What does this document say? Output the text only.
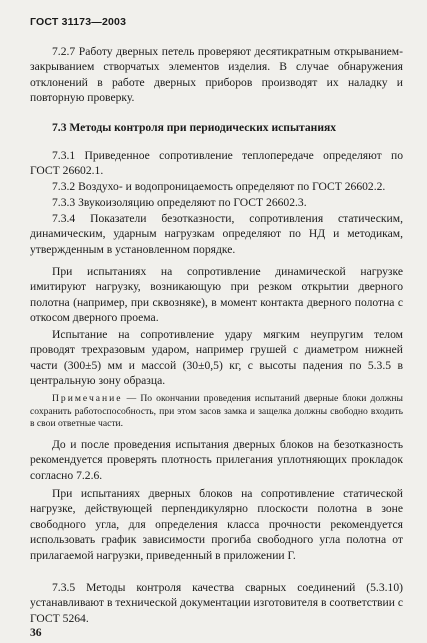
ГОСТ 31173—2003

7.2.7 Работу дверных петель проверяют десятикратным открыванием-закрыванием створчатых элементов изделия. В случае обнаружения отклонений в работе дверных приборов производят их наладку и повторную проверку.

7.3 Методы контроля при периодических испытаниях

7.3.1 Приведенное сопротивление теплопередаче определяют по ГОСТ 26602.1.

7.3.2 Воздухо- и водопроницаемость определяют по ГОСТ 26602.2.

7.3.3 Звукоизоляцию определяют по ГОСТ 26602.3.

7.3.4 Показатели безотказности, сопротивления статическим, динамическим, ударным нагрузкам определяют по НД и методикам, утвержденным в установленном порядке.

При испытаниях на сопротивление динамической нагрузке имитируют нагрузку, возникающую при резком открытии дверного полотна (например, при сквозняке), в момент контакта дверного полотна с откосом дверного проема.

Испытание на сопротивление удару мягким неупругим телом проводят трехразовым ударом, например грушей с диаметром нижней части (300±5) мм и массой (30±0,5) кг, с высоты падения по 5.3.5 в центральную зону образца.

Примечание — По окончании проведения испытаний дверные блоки должны сохранить работоспособность, при этом засов замка и защелка должны свободно входить в свои ответные части.

До и после проведения испытания дверных блоков на безотказность рекомендуется проверять плотность прилегания уплотняющих прокладок согласно 7.2.6.

При испытаниях дверных блоков на сопротивление статической нагрузке, действующей перпендикулярно плоскости полотна в зоне свободного угла, для определения класса прочности рекомендуется использовать график зависимости прогиба свободного угла полотна от прилагаемой нагрузки, приведенный в приложении Г.

7.3.5 Методы контроля качества сварных соединений (5.3.10) устанавливают в технической документации изготовителя в соответствии с ГОСТ 5264.

36
